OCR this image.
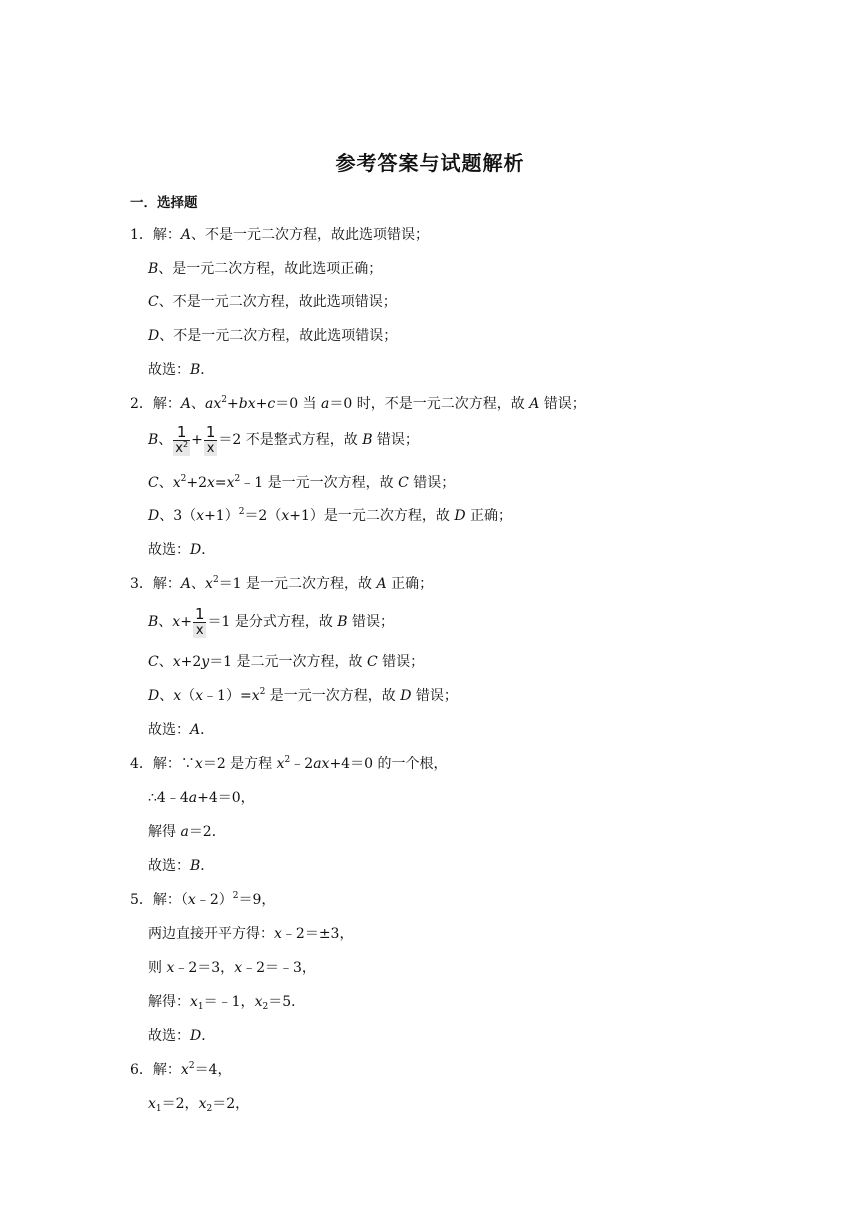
参考答案与试题解析
一．选择题
1．解：A、不是一元二次方程，故此选项错误；
B、是一元二次方程，故此选项正确；
C、不是一元二次方程，故此选项错误；
D、不是一元二次方程，故此选项错误；
故选：B．
2．解：A、$ax^2+bx+c=0$ 当 a＝0 时，不是一元二次方程，故 A 错误；
B、 $\frac{1}{x^2} + \frac{1}{x} =2$ 不是整式方程，故 B 错误；
C、$x^2+2x=x^2﹣1$ 是一元一次方程，故 C 错误；
D、$3(x+1)^2=2(x+1)$是一元二次方程，故 D 正确；
故选：D．
3．解：A、$x^2=1$ 是一元二次方程，故 A 正确；
B、$x+ \frac{1}{x} =1$ 是分式方程，故 B 错误；
C、x+2y＝1 是二元一次方程，故 C 错误；
D、$x(x﹣1)=x^2$ 是一元一次方程，故 D 错误；
故选：A．
4．解：∵x＝2 是方程 $x^2﹣2ax+4=0$ 的一个根，
∴4﹣4a+4＝0，
解得 a＝2．
故选：B．
5．解：（x﹣2）$^2$＝9，
两边直接开平方得：x﹣2＝±3，
则 x﹣2＝3，x﹣2＝﹣3，
解得：$x_1=﹣1$，$x_2=5$．
故选：D．
6．解：$x^2=4$，
$x_1=2$，$x_2=2$，
